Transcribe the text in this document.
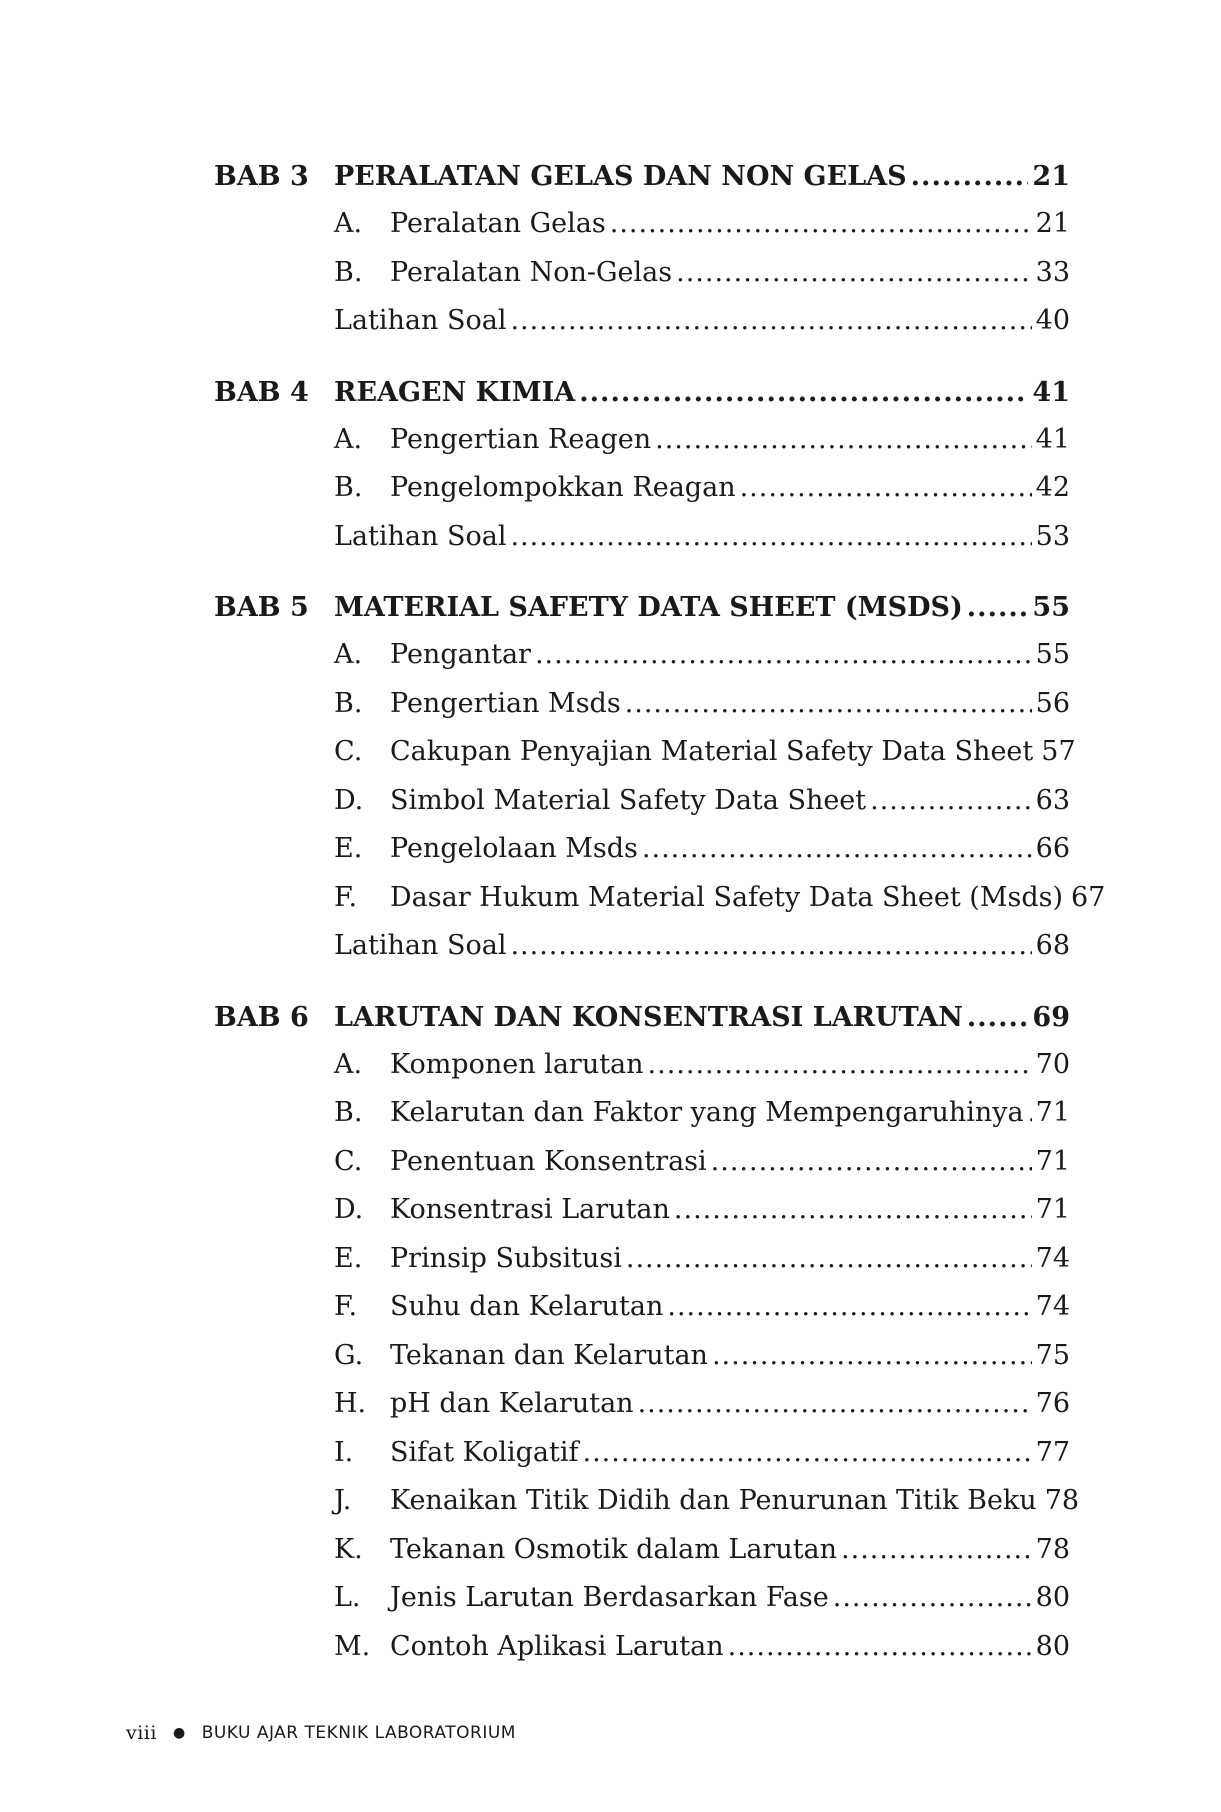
BAB 3 PERALATAN GELAS DAN NON GELAS .....	21
A.	Peralatan Gelas .....	21
B.	Peralatan Non-Gelas .....	33
Latihan Soal .....	40
BAB 4 REAGEN KIMIA .....	41
A.	Pengertian Reagen .....	41
B.	Pengelompokkan Reagan .....	42
Latihan Soal .....	53
BAB 5 MATERIAL SAFETY DATA SHEET (MSDS) .....	55
A.	Pengantar .....	55
B.	Pengertian Msds .....	56
C.	Cakupan Penyajian Material Safety Data Sheet 57
D. Simbol Material Safety Data Sheet .....	63
E.	Pengelolaan Msds .....	66
F.	Dasar Hukum Material Safety Data Sheet (Msds) 67
Latihan Soal .....	68
BAB 6 LARUTAN DAN KONSENTRASI LARUTAN .....	69
A.	Komponen larutan .....	70
B.	Kelarutan dan Faktor yang Mempengaruhinya ..... 71
C.	Penentuan Konsentrasi .....	71
D. Konsentrasi Larutan .....	71
E.	Prinsip Subsitusi .....	74
F.	Suhu dan Kelarutan .....	74
G. Tekanan dan Kelarutan .....	75
H. pH dan Kelarutan .....	76
I.	Sifat Koligatif .....	77
J.	Kenaikan Titik Didih dan Penurunan Titik Beku 78
K.	Tekanan Osmotik dalam Larutan .....	78
L.	Jenis Larutan Berdasarkan Fase .....	80
M. Contoh Aplikasi Larutan .....	80
viii ● BUKU AJAR TEKNIK LABORATORIUM
